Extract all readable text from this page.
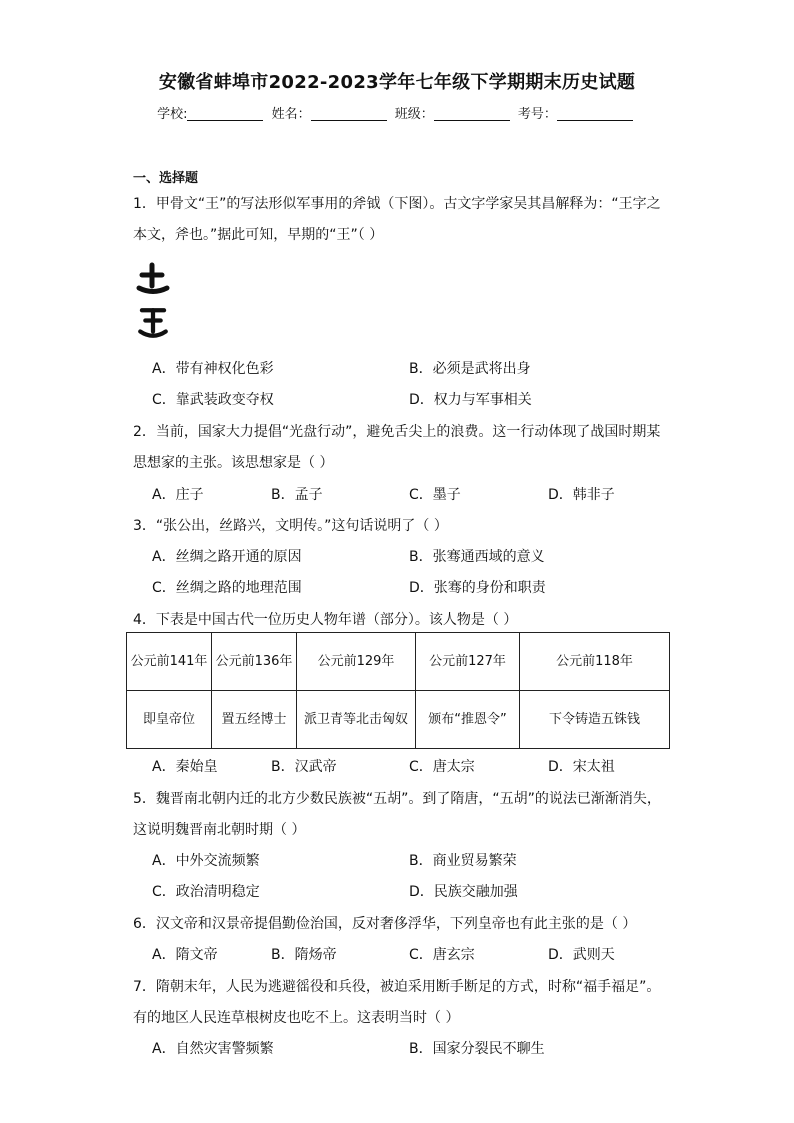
安徽省蚌埠市2022-2023学年七年级下学期期末历史试题
学校:	姓名：	班级：	考号：
一、选择题
1．甲骨文“王”的写法形似军事用的斧钺（下图）。古文字学家吴其昌解释为：“王字之
本文，斧也。”据此可知，早期的“王”（ ）
A．带有神权化色彩	B．必须是武将出身
C．靠武装政变夺权	D．权力与军事相关
2．当前，国家大力提倡“光盘行动”，避免舌尖上的浪费。这一行动体现了战国时期某
思想家的主张。该思想家是（ ）
A．庄子	B．孟子	C．墨子	D．韩非子
3．“张公出，丝路兴，文明传。”这句话说明了（ ）
A．丝绸之路开通的原因	B．张骞通西域的意义
C．丝绸之路的地理范围	D．张骞的身份和职责
4．下表是中国古代一位历史人物年谱（部分）。该人物是（ ）
公元前141年	公元前136年	公元前129年	公元前127年	公元前118年
即皇帝位	置五经博士	派卫青等北击匈奴	颁布“推恩令”	下令铸造五铢钱
A．秦始皇	B．汉武帝	C．唐太宗	D．宋太祖
5．魏晋南北朝内迁的北方少数民族被“五胡”。到了隋唐，“五胡”的说法已渐渐消失，
这说明魏晋南北朝时期（ ）
A．中外交流频繁	B．商业贸易繁荣
C．政治清明稳定	D．民族交融加强
6．汉文帝和汉景帝提倡勤俭治国，反对奢侈浮华，下列皇帝也有此主张的是（ ）
A．隋文帝	B．隋炀帝	C．唐玄宗	D．武则天
7．隋朝末年，人民为逃避徭役和兵役，被迫采用断手断足的方式，时称“福手福足”。
有的地区人民连草根树皮也吃不上。这表明当时（ ）
A．自然灾害警频繁	B．国家分裂民不聊生
